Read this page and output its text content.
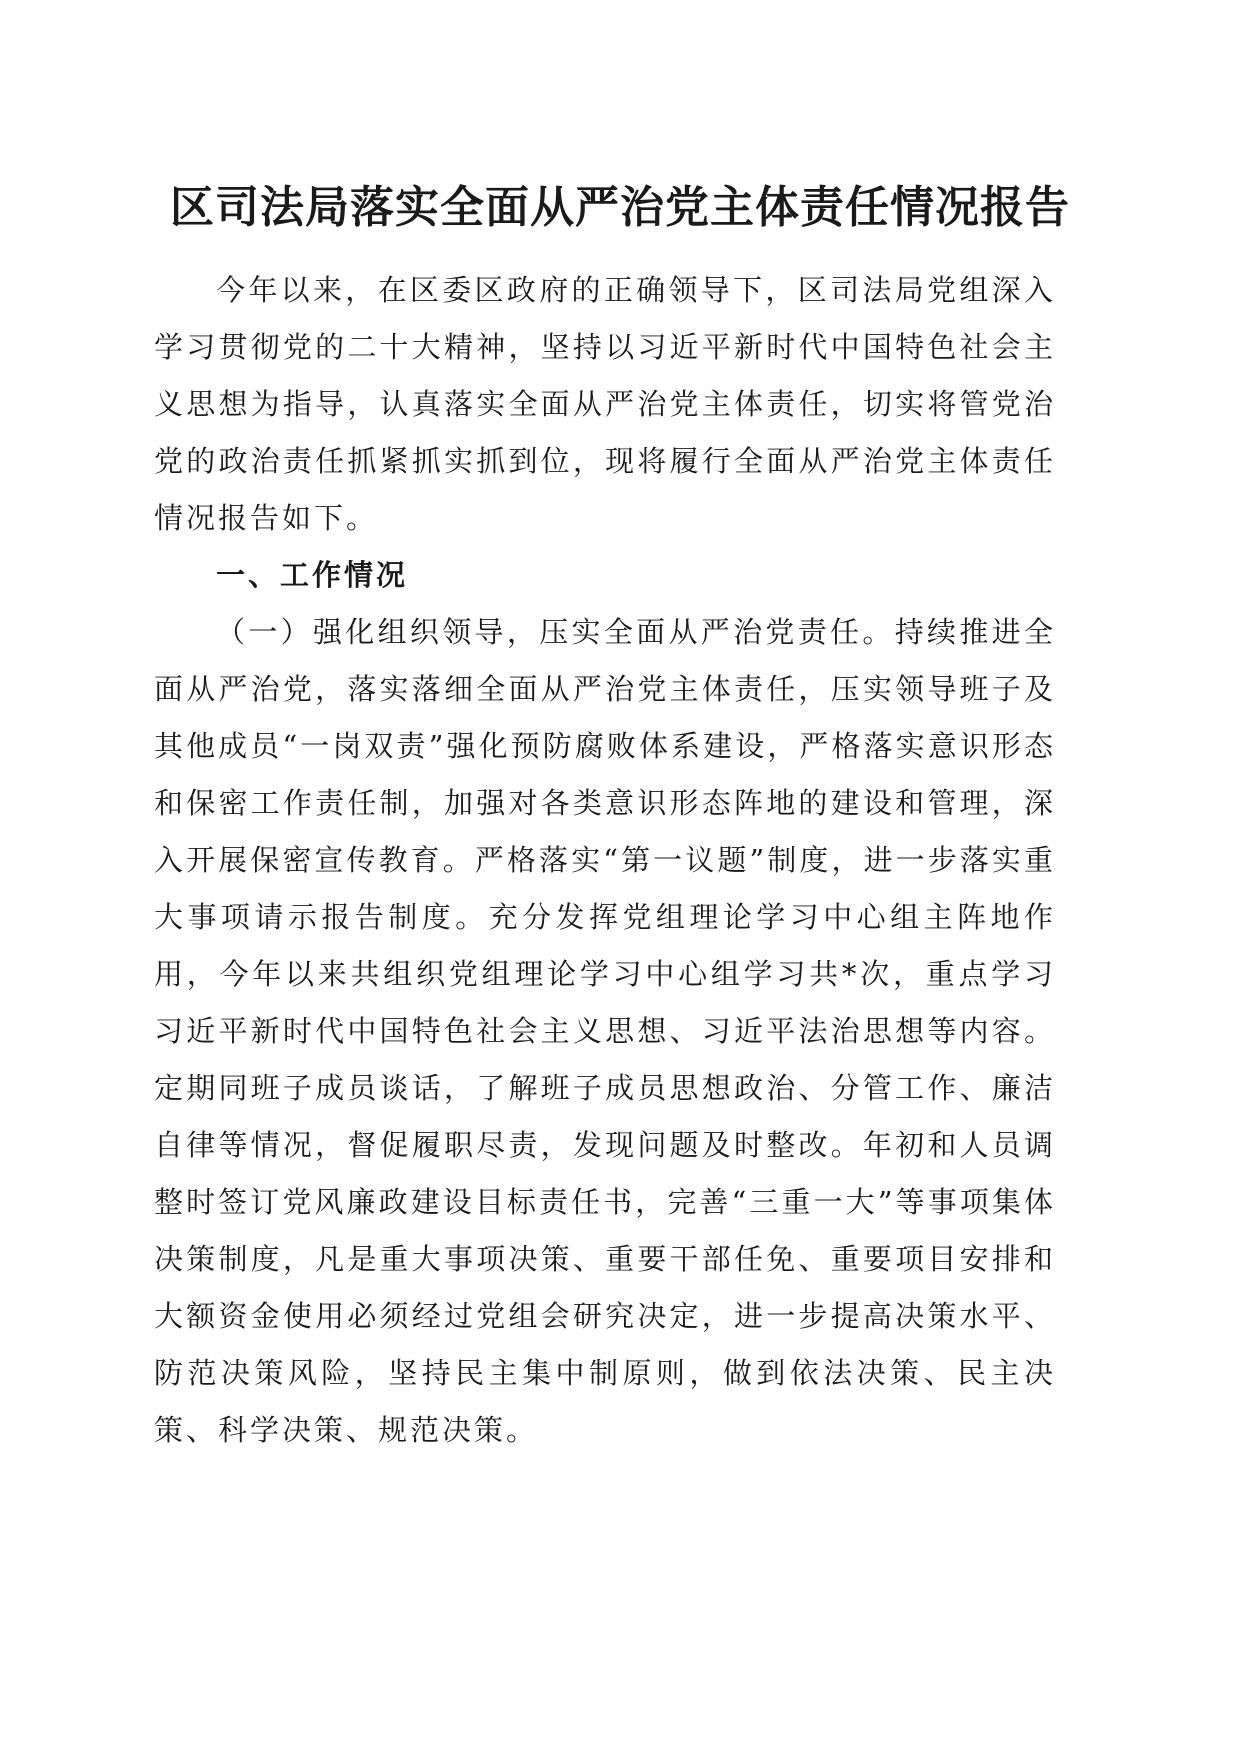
区司法局落实全面从严治党主体责任情况报告

今年以来，在区委区政府的正确领导下，区司法局党组深入学习贯彻党的二十大精神，坚持以习近平新时代中国特色社会主义思想为指导，认真落实全面从严治党主体责任，切实将管党治党的政治责任抓紧抓实抓到位，现将履行全面从严治党主体责任情况报告如下。

一、工作情况

（一）强化组织领导，压实全面从严治党责任。持续推进全面从严治党，落实落细全面从严治党主体责任，压实领导班子及其他成员“一岗双责”强化预防腐败体系建设，严格落实意识形态和保密工作责任制，加强对各类意识形态阵地的建设和管理，深入开展保密宣传教育。严格落实“第一议题”制度，进一步落实重大事项请示报告制度。充分发挥党组理论学习中心组主阵地作用，今年以来共组织党组理论学习中心组学习共*次，重点学习习近平新时代中国特色社会主义思想、习近平法治思想等内容。定期同班子成员谈话，了解班子成员思想政治、分管工作、廉洁自律等情况，督促履职尽责，发现问题及时整改。年初和人员调整时签订党风廉政建设目标责任书，完善“三重一大”等事项集体决策制度，凡是重大事项决策、重要干部任免、重要项目安排和大额资金使用必须经过党组会研究决定，进一步提高决策水平、防范决策风险，坚持民主集中制原则，做到依法决策、民主决策、科学决策、规范决策。
